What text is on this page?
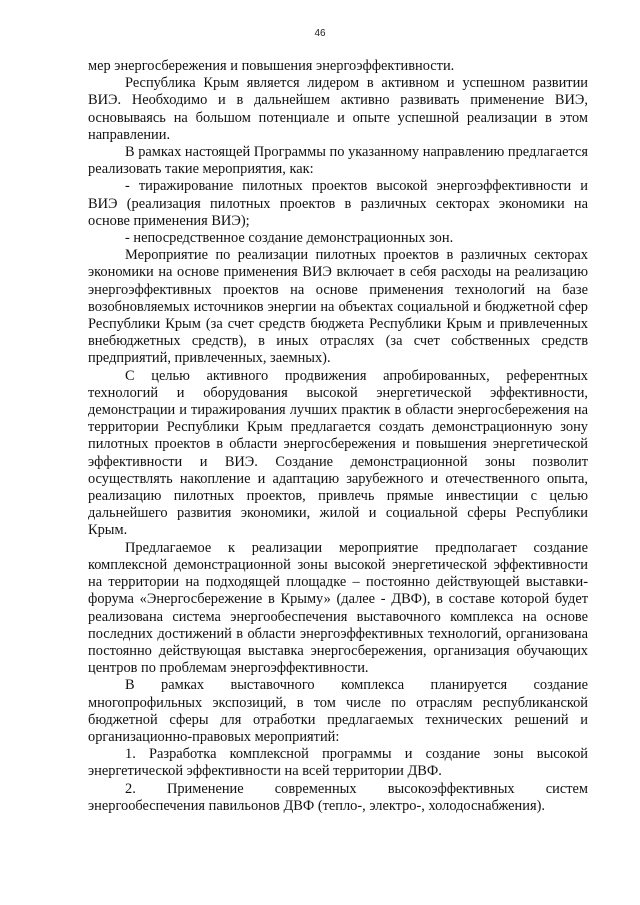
46

мер энергосбережения и повышения энергоэффективности.

Республика Крым является лидером в активном и успешном развитии ВИЭ. Необходимо и в дальнейшем активно развивать применение ВИЭ, основываясь на большом потенциале и опыте успешной реализации в этом направлении.

В рамках настоящей Программы по указанному направлению предлагается реализовать такие мероприятия, как:

- тиражирование пилотных проектов высокой энергоэффективности и ВИЭ (реализация пилотных проектов в различных секторах экономики на основе применения ВИЭ);

- непосредственное создание демонстрационных зон.

Мероприятие по реализации пилотных проектов в различных секторах экономики на основе применения ВИЭ включает в себя расходы на реализацию энергоэффективных проектов на основе применения технологий на базе возобновляемых источников энергии на объектах социальной и бюджетной сфер Республики Крым (за счет средств бюджета Республики Крым и привлеченных внебюджетных средств), в иных отраслях (за счет собственных средств предприятий, привлеченных, заемных).

С целью активного продвижения апробированных, референтных технологий и оборудования высокой энергетической эффективности, демонстрации и тиражирования лучших практик в области энергосбережения на территории Республики Крым предлагается создать демонстрационную зону пилотных проектов в области энергосбережения и повышения энергетической эффективности и ВИЭ. Создание демонстрационной зоны позволит осуществлять накопление и адаптацию зарубежного и отечественного опыта, реализацию пилотных проектов, привлечь прямые инвестиции с целью дальнейшего развития экономики, жилой и социальной сферы Республики Крым.

Предлагаемое к реализации мероприятие предполагает создание комплексной демонстрационной зоны высокой энергетической эффективности на территории на подходящей площадке – постоянно действующей выставки-форума «Энергосбережение в Крыму» (далее - ДВФ), в составе которой будет реализована система энергообеспечения выставочного комплекса на основе последних достижений в области энергоэффективных технологий, организована постоянно действующая выставка энергосбережения, организация обучающих центров по проблемам энергоэффективности.

В рамках выставочного комплекса планируется создание многопрофильных экспозиций, в том числе по отраслям республиканской бюджетной сферы для отработки предлагаемых технических решений и организационно-правовых мероприятий:

1. Разработка комплексной программы и создание зоны высокой энергетической эффективности на всей территории ДВФ.

2. Применение современных высокоэффективных систем энергообеспечения павильонов ДВФ (тепло-, электро-, холодоснабжения).
